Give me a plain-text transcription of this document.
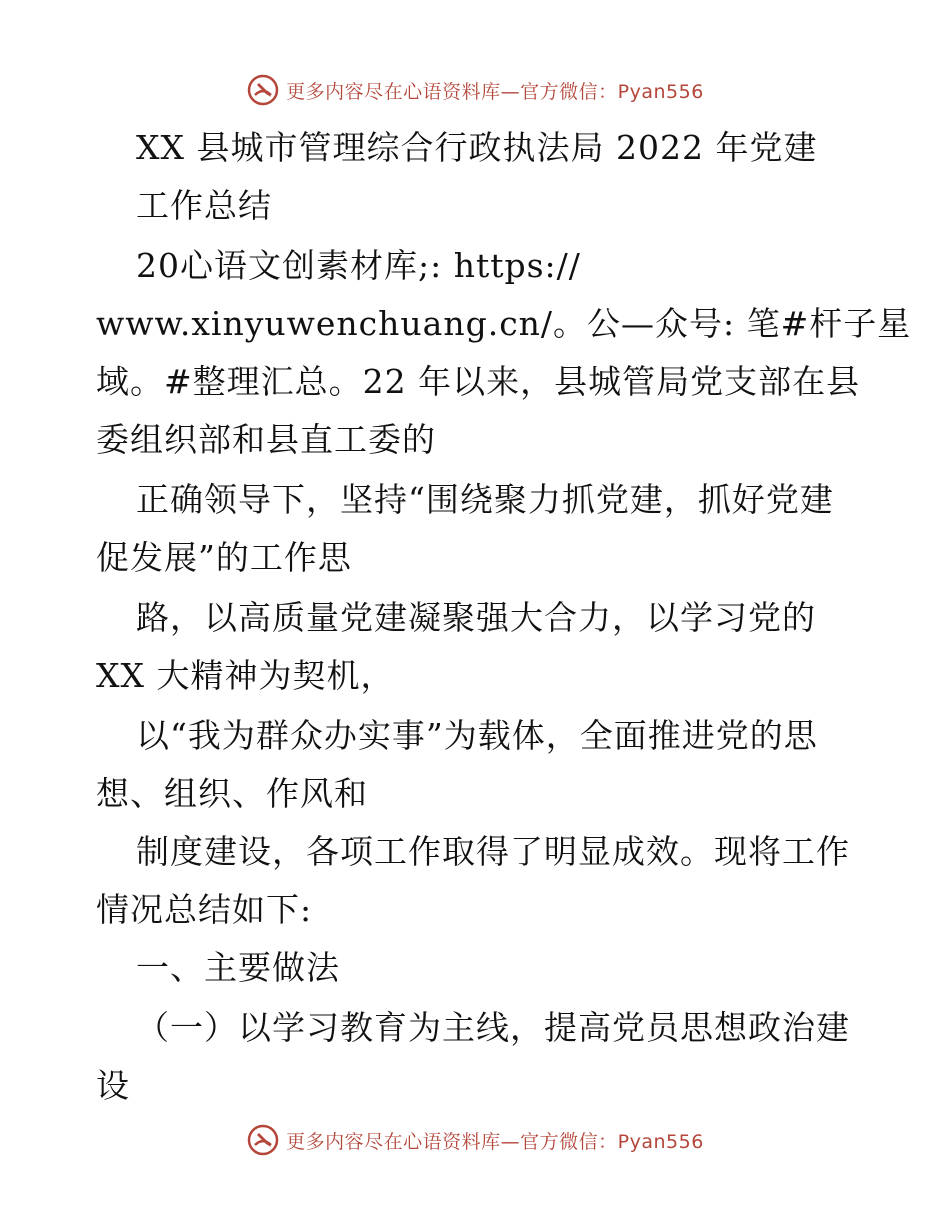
更多内容尽在心语资料库—官方微信：Pyan556
XX 县城市管理综合行政执法局 2022 年党建
工作总结
20心语文创素材库;: https://
www.xinyuwenchuang.cn/。公—众号: 笔#杆子星
域。#整理汇总。22 年以来，县城管局党支部在县
委组织部和县直工委的
正确领导下，坚持“围绕聚力抓党建，抓好党建
促发展”的工作思
路，以高质量党建凝聚强大合力，以学习党的
XX 大精神为契机，
以“我为群众办实事”为载体，全面推进党的思
想、组织、作风和
制度建设，各项工作取得了明显成效。现将工作
情况总结如下:
一、主要做法
（一）以学习教育为主线，提高党员思想政治建
设
更多内容尽在心语资料库—官方微信：Pyan556
